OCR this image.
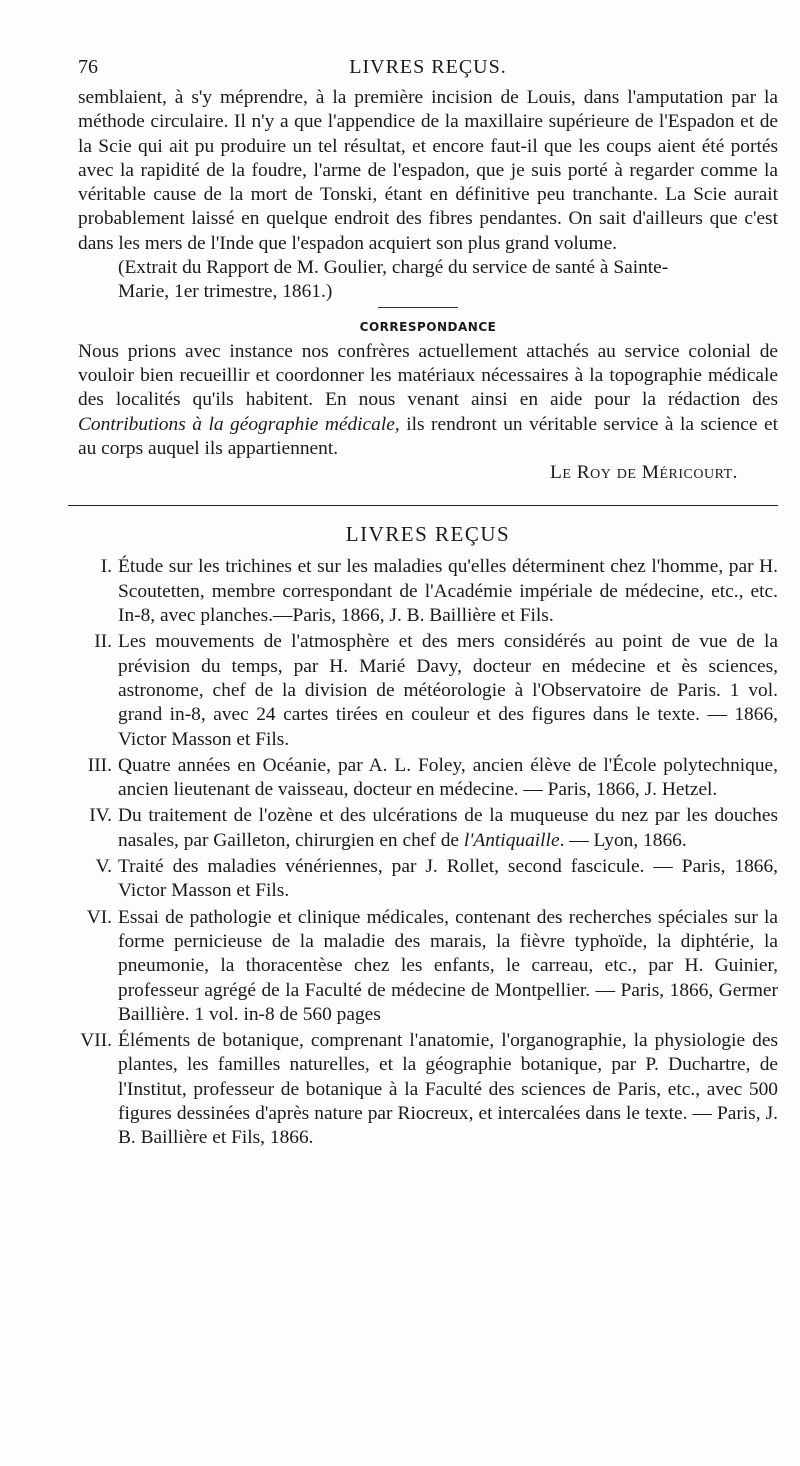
76	LIVRES REÇUS.

semblaient, à s'y méprendre, à la première incision de Louis, dans l'amputation par la méthode circulaire. Il n'y a que l'appendice de la maxillaire supérieure de l'Espadon et de la Scie qui ait pu produire un tel résultat, et encore faut-il que les coups aient été portés avec la rapidité de la foudre, l'arme de l'espadon, que je suis porté à regarder comme la véritable cause de la mort de Tonski, étant en définitive peu tranchante. La Scie aurait probablement laissé en quelque endroit des fibres pendantes. On sait d'ailleurs que c'est dans les mers de l'Inde que l'espadon acquiert son plus grand volume.

(Extrait du Rapport de M. Goulier, chargé du service de santé à Sainte-

Marie, 1er trimestre, 1861.)

CORRESPONDANCE

Nous prions avec instance nos confrères actuellement attachés au service colonial de vouloir bien recueillir et coordonner les matériaux nécessaires à la topographie médicale des localités qu'ils habitent. En nous venant ainsi en aide pour la rédaction des Contributions à la géographie médicale, ils rendront un véritable service à la science et au corps auquel ils appartiennent.

Le Roy de Méricourt.
LIVRES REÇUS
I. Étude sur les trichines et sur les maladies qu'elles déterminent chez l'homme, par H. Scoutetten, membre correspondant de l'Académie impériale de médecine, etc., etc. In-8, avec planches.—Paris, 1866, J. B. Baillière et Fils.
II. Les mouvements de l'atmosphère et des mers considérés au point de vue de la prévision du temps, par H. Marié Davy, docteur en médecine et ès sciences, astronome, chef de la division de météorologie à l'Observatoire de Paris. 1 vol. grand in-8, avec 24 cartes tirées en couleur et des figures dans le texte. — 1866, Victor Masson et Fils.
III. Quatre années en Océanie, par A. L. Foley, ancien élève de l'École polytechnique, ancien lieutenant de vaisseau, docteur en médecine. — Paris, 1866, J. Hetzel.
IV. Du traitement de l'ozène et des ulcérations de la muqueuse du nez par les douches nasales, par Gailleton, chirurgien en chef de l'Antiquaille. — Lyon, 1866.
V. Traité des maladies vénériennes, par J. Rollet, second fascicule. — Paris, 1866, Victor Masson et Fils.
VI. Essai de pathologie et clinique médicales, contenant des recherches spéciales sur la forme pernicieuse de la maladie des marais, la fièvre typhoïde, la diphtérie, la pneumonie, la thoracentèse chez les enfants, le carreau, etc., par H. Guinier, professeur agrégé de la Faculté de médecine de Montpellier. — Paris, 1866, Germer Baillière. 1 vol. in-8 de 560 pages
VII. Éléments de botanique, comprenant l'anatomie, l'organographie, la physiologie des plantes, les familles naturelles, et la géographie botanique, par P. Duchartre, de l'Institut, professeur de botanique à la Faculté des sciences de Paris, etc., avec 500 figures dessinées d'après nature par Riocreux, et intercalées dans le texte. — Paris, J. B. Baillière et Fils, 1866.
